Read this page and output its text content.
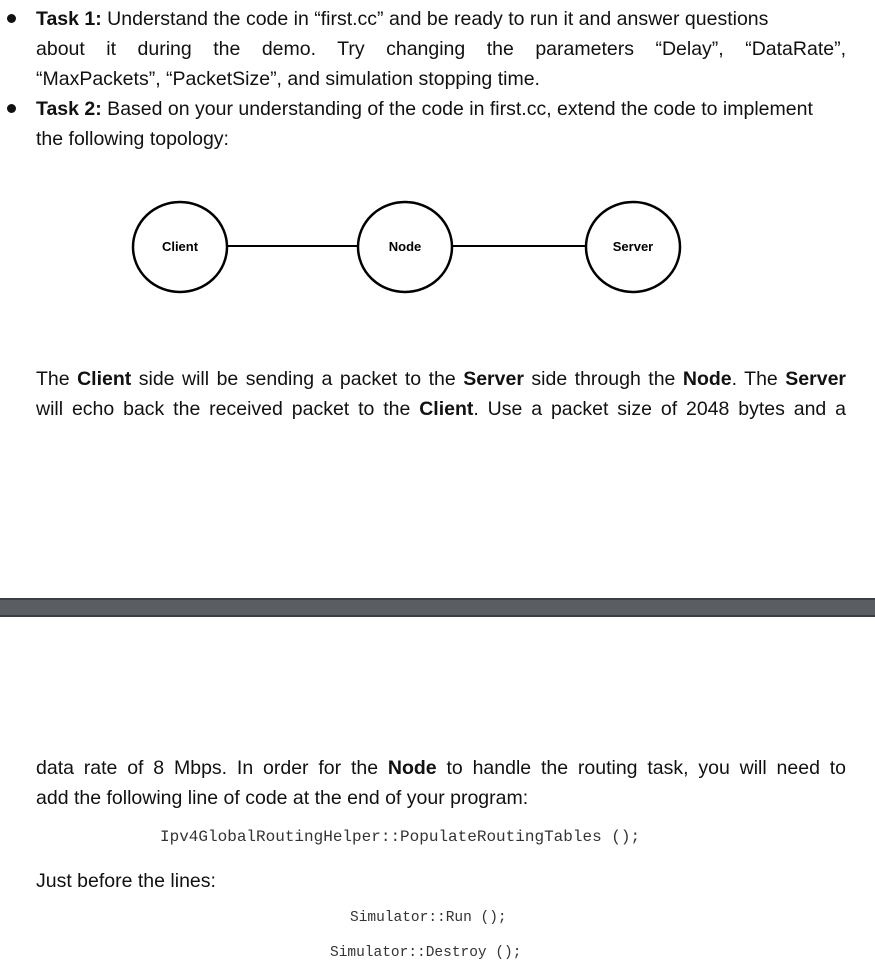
Task 1: Understand the code in “first.cc” and be ready to run it and answer questions
about it during the demo. Try changing the parameters “Delay”, “DataRate”,
“MaxPackets”, “PacketSize”, and simulation stopping time.
Task 2: Based on your understanding of the code in first.cc, extend the code to implement
the following topology:
Client	Node	Server
The Client side will be sending a packet to the Server side through the Node. The Server
will echo back the received packet to the Client. Use a packet size of 2048 bytes and a
data rate of 8 Mbps. In order for the Node to handle the routing task, you will need to
add the following line of code at the end of your program:
Ipv4GlobalRoutingHelper::PopulateRoutingTables ();
Just before the lines:
Simulator::Run ();
Simulator::Destroy ();
